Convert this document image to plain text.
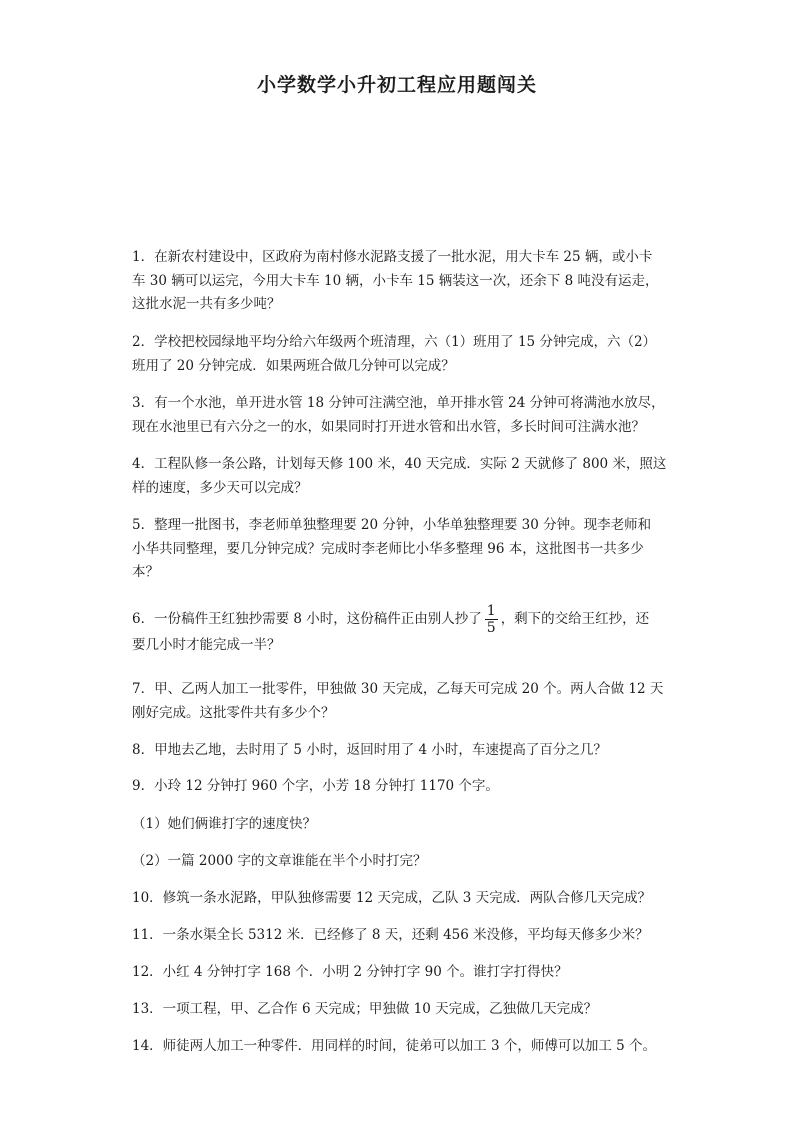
小学数学小升初工程应用题闯关
1．在新农村建设中，区政府为南村修水泥路支援了一批水泥，用大卡车 25 辆，或小卡
车 30 辆可以运完，今用大卡车 10 辆，小卡车 15 辆装这一次，还余下 8 吨没有运走，
这批水泥一共有多少吨？
2．学校把校园绿地平均分给六年级两个班清理，六（1）班用了 15 分钟完成，六（2）
班用了 20 分钟完成．如果两班合做几分钟可以完成？
3．有一个水池，单开进水管 18 分钟可注满空池，单开排水管 24 分钟可将满池水放尽，
现在水池里已有六分之一的水，如果同时打开进水管和出水管，多长时间可注满水池？
4．工程队修一条公路，计划每天修 100 米，40 天完成．实际 2 天就修了 800 米，照这
样的速度，多少天可以完成？
5．整理一批图书，李老师单独整理要 20 分钟，小华单独整理要 30 分钟。现李老师和
小华共同整理，要几分钟完成？完成时李老师比小华多整理 96 本，这批图书一共多少
本？
6．一份稿件王红独抄需要 8 小时，这份稿件正由别人抄了 $\frac{1}{5}$ ，剩下的交给王红抄，还
要几小时才能完成一半？
7．甲、乙两人加工一批零件，甲独做 30 天完成，乙每天可完成 20 个。两人合做 12 天
刚好完成。这批零件共有多少个？
8．甲地去乙地，去时用了 5 小时，返回时用了 4 小时，车速提高了百分之几？
9．小玲 12 分钟打 960 个字，小芳 18 分钟打 1170 个字。
（1）她们俩谁打字的速度快？
（2）一篇 2000 字的文章谁能在半个小时打完？
10．修筑一条水泥路，甲队独修需要 12 天完成，乙队 3 天完成．两队合修几天完成？
11．一条水渠全长 5312 米．已经修了 8 天，还剩 456 米没修，平均每天修多少米？
12．小红 4 分钟打字 168 个．小明 2 分钟打字 90 个。谁打字打得快？
13．一项工程，甲、乙合作 6 天完成；甲独做 10 天完成，乙独做几天完成？
14．师徒两人加工一种零件．用同样的时间，徒弟可以加工 3 个，师傅可以加工 5 个。
